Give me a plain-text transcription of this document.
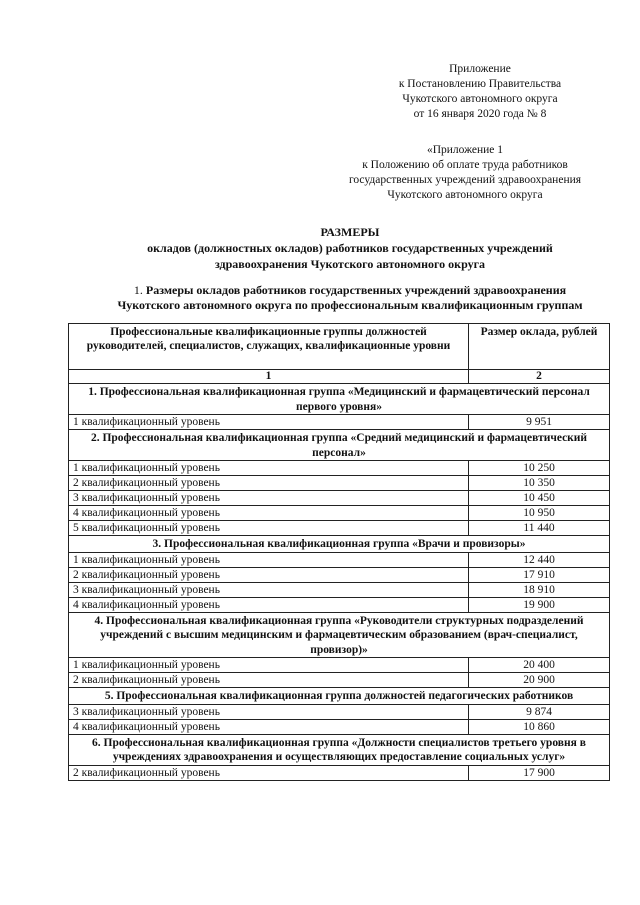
Приложение
к Постановлению Правительства
Чукотского автономного округа
от 16 января 2020 года № 8
«Приложение 1
к Положению об оплате труда работников
государственных учреждений здравоохранения
Чукотского автономного округа
РАЗМЕРЫ
окладов (должностных окладов) работников государственных учреждений
здравоохранения Чукотского автономного округа
1. Размеры окладов работников государственных учреждений здравоохранения
Чукотского автономного округа по профессиональным квалификационным группам
Профессиональные квалификационные группы должностей руководителей, специалистов, служащих, квалификационные уровни	Размер оклада, рублей
1	2
1. Профессиональная квалификационная группа «Медицинский и фармацевтический персонал первого уровня»	
1 квалификационный уровень	9 951
2. Профессиональная квалификационная группа «Средний медицинский и фармацевтический персонал»	
1 квалификационный уровень	10 250
2 квалификационный уровень	10 350
3 квалификационный уровень	10 450
4 квалификационный уровень	10 950
5 квалификационный уровень	11 440
3. Профессиональная квалификационная группа «Врачи и провизоры»	
1 квалификационный уровень	12 440
2 квалификационный уровень	17 910
3 квалификационный уровень	18 910
4 квалификационный уровень	19 900
4. Профессиональная квалификационная группа «Руководители структурных подразделений учреждений с высшим медицинским и фармацевтическим образованием (врач-специалист, провизор)»	
1 квалификационный уровень	20 400
2 квалификационный уровень	20 900
5. Профессиональная квалификационная группа должностей педагогических работников	
3 квалификационный уровень	9 874
4 квалификационный уровень	10 860
6. Профессиональная квалификационная группа «Должности специалистов третьего уровня в учреждениях здравоохранения и осуществляющих предоставление социальных услуг»	
2 квалификационный уровень	17 900
